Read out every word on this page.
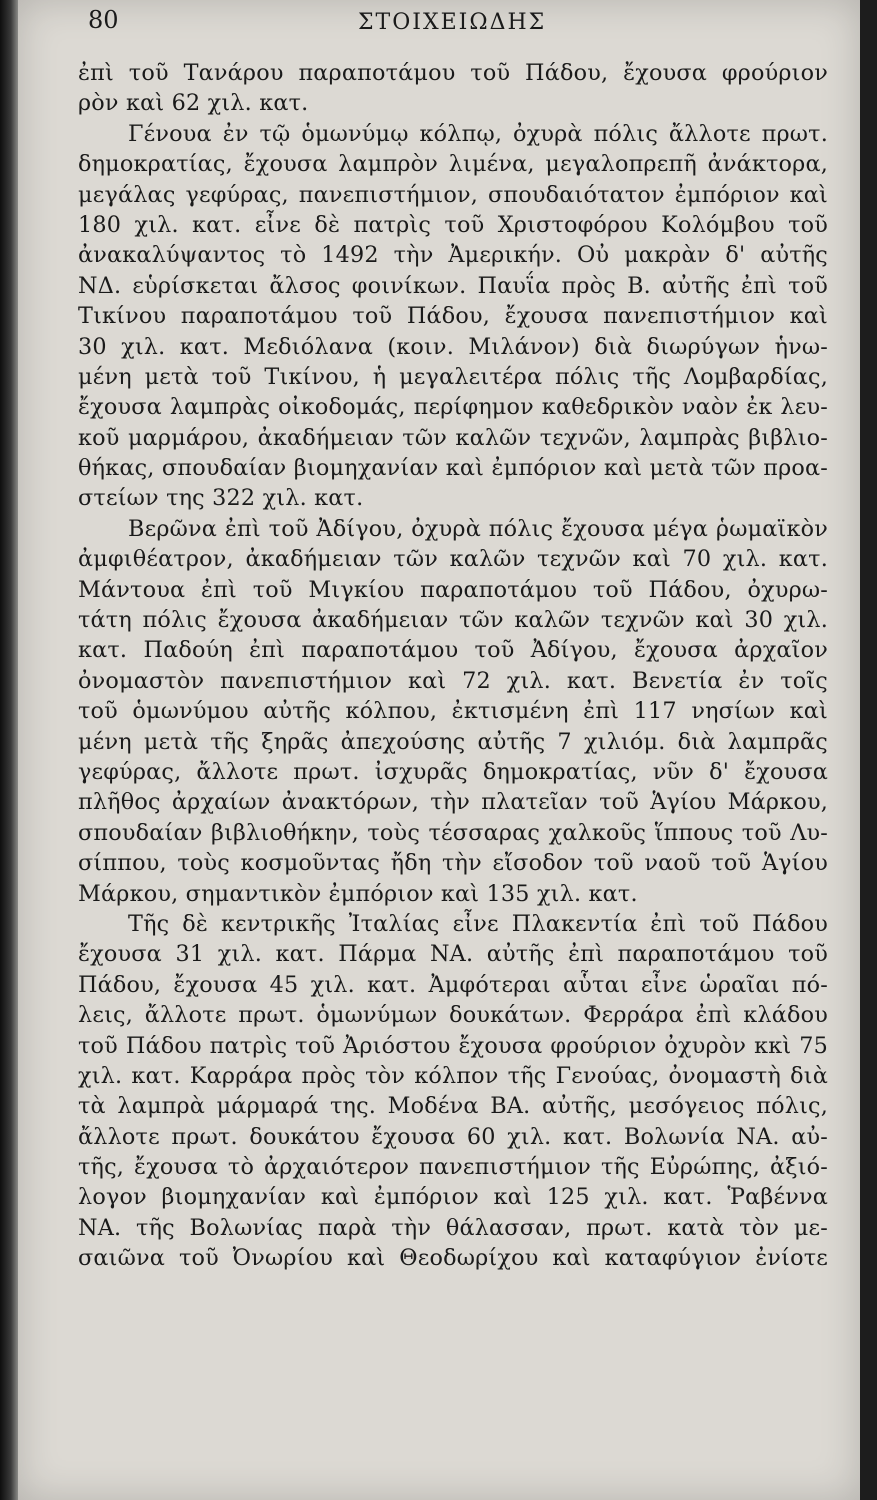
80	ΣΤΟΙΧΕΙΩΔΗΣ
ἐπὶ τοῦ Τανάρου παραποτάμου τοῦ Πάδου, ἔχουσα φρούριον
ρὸν καὶ 62 χιλ. κατ.
Γένουα ἐν τῷ ὁμωνύμῳ κόλπῳ, ὀχυρὰ πόλις ἄλλοτε πρωτ.
δημοκρατίας, ἔχουσα λαμπρὸν λιμένα, μεγαλοπρεπῆ ἀνάκτορα,
μεγάλας γεφύρας, πανεπιστήμιον, σπουδαιότατον ἐμπόριον καὶ
180 χιλ. κατ. εἶνε δὲ πατρὶς τοῦ Χριστοφόρου Κολόμβου τοῦ
ἀνακαλύψαντος τὸ 1492 τὴν Ἀμερικήν. Οὐ μακρὰν δ' αὐτῆς
ΝΔ. εὑρίσκεται ἄλσος φοινίκων. Παυΐα πρὸς Β. αὐτῆς ἐπὶ τοῦ
Τικίνου παραποτάμου τοῦ Πάδου, ἔχουσα πανεπιστήμιον καὶ
30 χιλ. κατ. Μεδιόλανα (κοιν. Μιλάνον) διὰ διωρύγων ἡνω-
μένη μετὰ τοῦ Τικίνου, ἡ μεγαλειτέρα πόλις τῆς Λομβαρδίας,
ἔχουσα λαμπρὰς οἰκοδομάς, περίφημον καθεδρικὸν ναὸν ἐκ λευ-
κοῦ μαρμάρου, ἀκαδήμειαν τῶν καλῶν τεχνῶν, λαμπρὰς βιβλιο-
θήκας, σπουδαίαν βιομηχανίαν καὶ ἐμπόριον καὶ μετὰ τῶν προα-
στείων της 322 χιλ. κατ.
Βερῶνα ἐπὶ τοῦ Ἀδίγου, ὀχυρὰ πόλις ἔχουσα μέγα ῥωμαϊκὸν
ἀμφιθέατρον, ἀκαδήμειαν τῶν καλῶν τεχνῶν καὶ 70 χιλ. κατ.
Μάντουα ἐπὶ τοῦ Μιγκίου παραποτάμου τοῦ Πάδου, ὀχυρω-
τάτη πόλις ἔχουσα ἀκαδήμειαν τῶν καλῶν τεχνῶν καὶ 30 χιλ.
κατ. Παδούη ἐπὶ παραποτάμου τοῦ Ἀδίγου, ἔχουσα ἀρχαῖον
ὀνομαστὸν πανεπιστήμιον καὶ 72 χιλ. κατ. Βενετία ἐν τοῖς
τοῦ ὁμωνύμου αὐτῆς κόλπου, ἐκτισμένη ἐπὶ 117 νησίων καὶ
μένη μετὰ τῆς ξηρᾶς ἀπεχούσης αὐτῆς 7 χιλιόμ. διὰ λαμπρᾶς
γεφύρας, ἄλλοτε πρωτ. ἰσχυρᾶς δημοκρατίας, νῦν δ' ἔχουσα
πλῆθος ἀρχαίων ἀνακτόρων, τὴν πλατεῖαν τοῦ Ἁγίου Μάρκου,
σπουδαίαν βιβλιοθήκην, τοὺς τέσσαρας χαλκοῦς ἵππους τοῦ Λυ-
σίππου, τοὺς κοσμοῦντας ἤδη τὴν εἴσοδον τοῦ ναοῦ τοῦ Ἁγίου
Μάρκου, σημαντικὸν ἐμπόριον καὶ 135 χιλ. κατ.
Τῆς δὲ κεντρικῆς Ἰταλίας εἶνε Πλακεντία ἐπὶ τοῦ Πάδου
ἔχουσα 31 χιλ. κατ. Πάρμα ΝΑ. αὐτῆς ἐπὶ παραποτάμου τοῦ
Πάδου, ἔχουσα 45 χιλ. κατ. Ἀμφότεραι αὗται εἶνε ὡραῖαι πό-
λεις, ἄλλοτε πρωτ. ὁμωνύμων δουκάτων. Φερράρα ἐπὶ κλάδου
τοῦ Πάδου πατρὶς τοῦ Ἀριόστου ἔχουσα φρούριον ὀχυρὸν κκὶ 75
χιλ. κατ. Καρράρα πρὸς τὸν κόλπον τῆς Γενούας, ὀνομαστὴ διὰ
τὰ λαμπρὰ μάρμαρά της. Μοδένα ΒΑ. αὐτῆς, μεσόγειος πόλις,
ἄλλοτε πρωτ. δουκάτου ἔχουσα 60 χιλ. κατ. Βολωνία ΝΑ. αὐ-
τῆς, ἔχουσα τὸ ἀρχαιότερον πανεπιστήμιον τῆς Εὐρώπης, ἀξιό-
λογον βιομηχανίαν καὶ ἐμπόριον καὶ 125 χιλ. κατ. Ῥαβέννα
ΝΑ. τῆς Βολωνίας παρὰ τὴν θάλασσαν, πρωτ. κατὰ τὸν με-
σαιῶνα τοῦ Ὀνωρίου καὶ Θεοδωρίχου καὶ καταφύγιον ἐνίοτε
